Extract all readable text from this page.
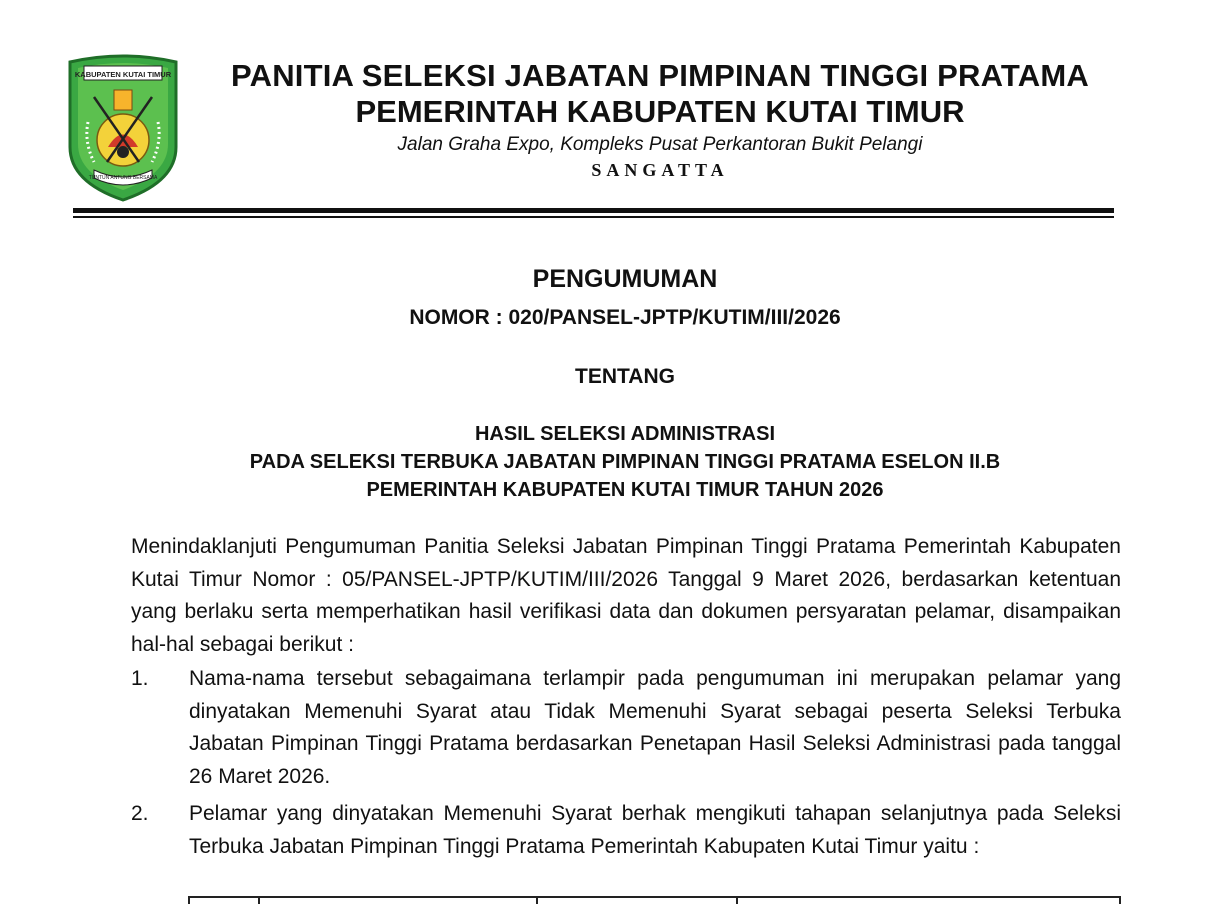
KABUPATEN KUTAI TIMUR
TUNTUN ANTUNG BERSAMA
PANITIA SELEKSI JABATAN PIMPINAN TINGGI PRATAMA
PEMERINTAH KABUPATEN KUTAI TIMUR
Jalan Graha Expo, Kompleks Pusat Perkantoran Bukit Pelangi
SANGATTA
PENGUMUMAN
NOMOR : 020/PANSEL-JPTP/KUTIM/III/2026
TENTANG
HASIL SELEKSI ADMINISTRASI
PADA SELEKSI TERBUKA JABATAN PIMPINAN TINGGI PRATAMA ESELON II.B
PEMERINTAH KABUPATEN KUTAI TIMUR TAHUN 2026
Menindaklanjuti Pengumuman Panitia Seleksi Jabatan Pimpinan Tinggi Pratama Pemerintah Kabupaten Kutai Timur Nomor : 05/PANSEL-JPTP/KUTIM/III/2026 Tanggal 9 Maret 2026, berdasarkan ketentuan yang berlaku serta memperhatikan hasil verifikasi data dan dokumen persyaratan pelamar, disampaikan hal-hal sebagai berikut :
1.	Nama-nama tersebut sebagaimana terlampir pada pengumuman ini merupakan pelamar yang dinyatakan Memenuhi Syarat atau Tidak Memenuhi Syarat sebagai peserta Seleksi Terbuka Jabatan Pimpinan Tinggi Pratama berdasarkan Penetapan Hasil Seleksi Administrasi pada tanggal 26 Maret 2026.
2.	Pelamar yang dinyatakan Memenuhi Syarat berhak mengikuti tahapan selanjutnya pada Seleksi Terbuka Jabatan Pimpinan Tinggi Pratama Pemerintah Kabupaten Kutai Timur yaitu :
